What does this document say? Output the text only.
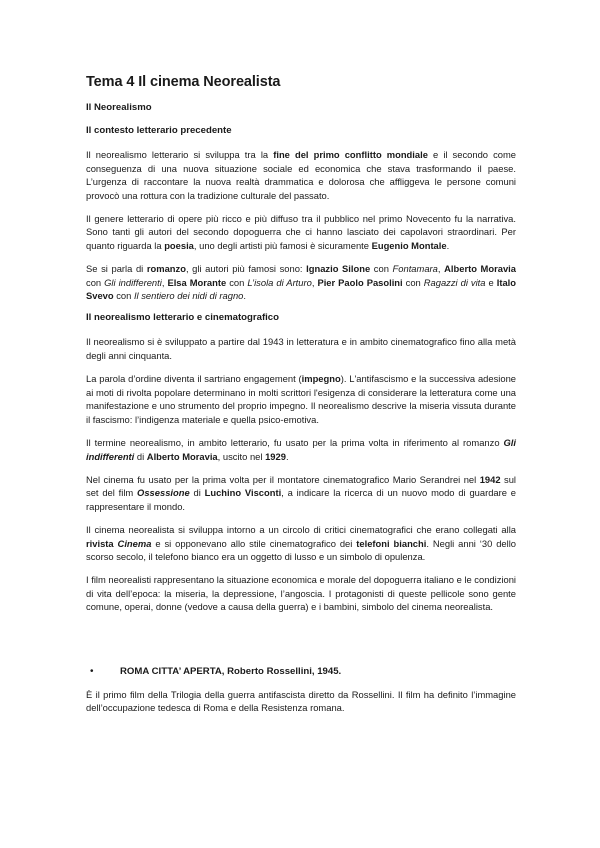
Tema 4 Il cinema Neorealista
Il Neorealismo
Il contesto letterario precedente

Il neorealismo letterario si sviluppa tra la fine del primo conflitto mondiale e il secondo come conseguenza di una nuova situazione sociale ed economica che stava trasformando il paese. L’urgenza di raccontare la nuova realtà drammatica e dolorosa che affliggeva le persone comuni provocò una rottura con la tradizione culturale del passato.

Il genere letterario di opere più ricco e più diffuso tra il pubblico nel primo Novecento fu la narrativa. Sono tanti gli autori del secondo dopoguerra che ci hanno lasciato dei capolavori straordinari. Per quanto riguarda la poesia, uno degli artisti più famosi è sicuramente Eugenio Montale.

Se si parla di romanzo, gli autori più famosi sono: Ignazio Silone con Fontamara, Alberto Moravia con Gli indifferenti, Elsa Morante con L’isola di Arturo, Pier Paolo Pasolini con Ragazzi di vita e Italo Svevo con Il sentiero dei nidi di ragno.

Il neorealismo letterario e cinematografico

Il neorealismo si è sviluppato a partire dal 1943 in letteratura e in ambito cinematografico fino alla metà degli anni cinquanta.

La parola d’ordine diventa il sartriano engagement (impegno). L'antifascismo e la successiva adesione ai moti di rivolta popolare determinano in molti scrittori l'esigenza di considerare la letteratura come una manifestazione e uno strumento del proprio impegno. Il neorealismo descrive la miseria vissuta durante il fascismo: l’indigenza materiale e quella psico-emotiva.

Il termine neorealismo, in ambito letterario, fu usato per la prima volta in riferimento al romanzo Gli indifferenti di Alberto Moravia, uscito nel 1929.

Nel cinema fu usato per la prima volta per il montatore cinematografico Mario Serandrei nel 1942 sul set del film Ossessione di Luchino Visconti, a indicare la ricerca di un nuovo modo di guardare e rappresentare il mondo.

Il cinema neorealista si sviluppa intorno a un circolo di critici cinematografici che erano collegati alla rivista Cinema e si opponevano allo stile cinematografico dei telefoni bianchi. Negli anni ‘30 dello scorso secolo, il telefono bianco era un oggetto di lusso e un simbolo di opulenza.

I film neorealisti rappresentano la situazione economica e morale del dopoguerra italiano e le condizioni di vita dell’epoca: la miseria, la depressione, l’angoscia. I protagonisti di queste pellicole sono gente comune, operai, donne (vedove a causa della guerra) e i bambini, simbolo del cinema neorealista.

•	ROMA CITTA’ APERTA, Roberto Rossellini, 1945.

È il primo film della Trilogia della guerra antifascista diretto da Rossellini. Il film ha definito l’immagine dell’occupazione tedesca di Roma e della Resistenza romana.
